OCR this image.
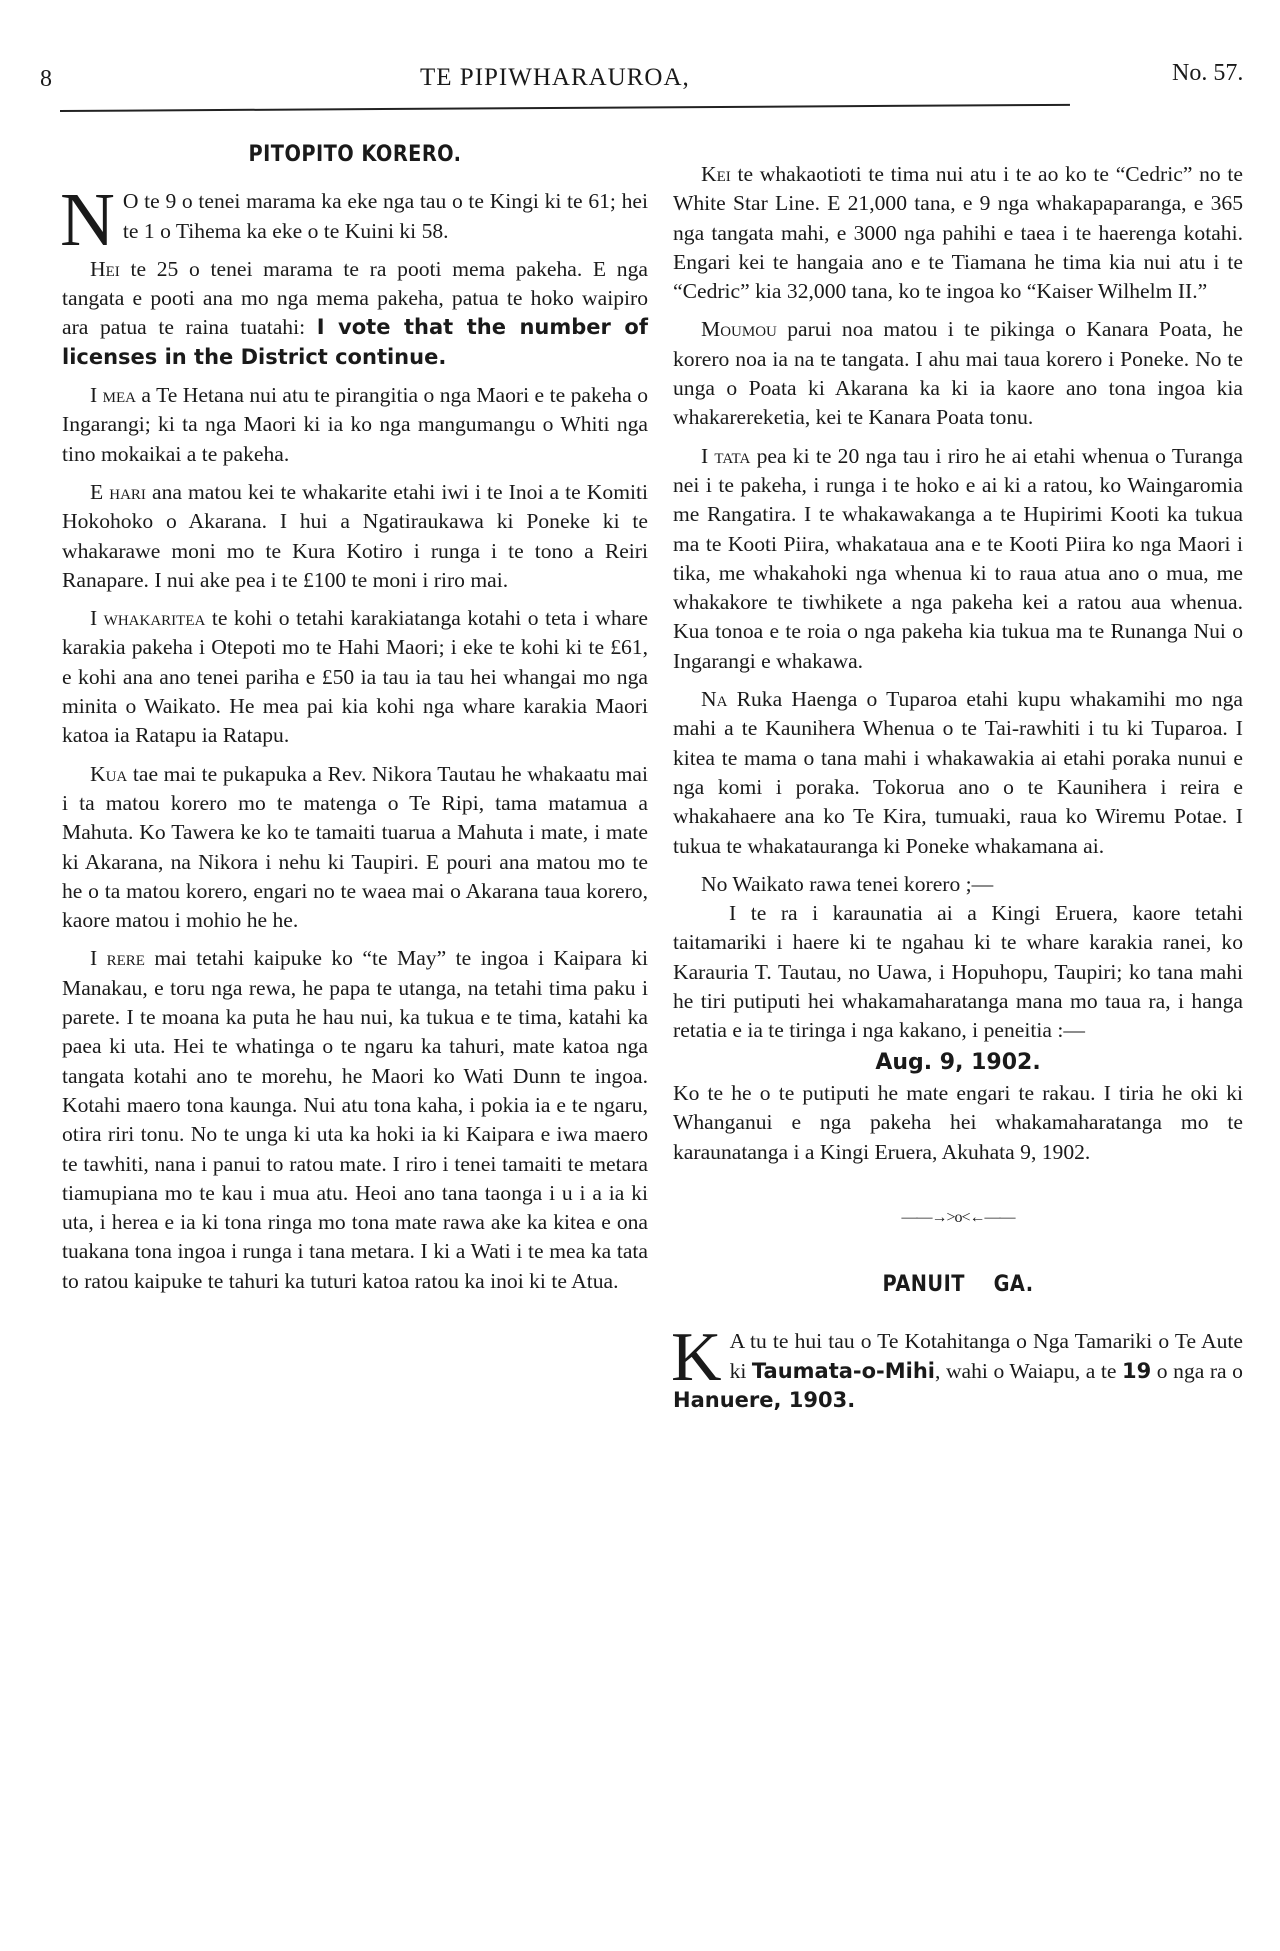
8	TE PIPIWHARAUROA,	No. 57.
PITOPITO KORERO.

N O te 9 o tenei marama ka eke nga tau o te Kingi ki te 61; hei te 1 o Tihema ka eke o te Kuini ki 58.

Hei te 25 o tenei marama te ra pooti mema pakeha. E nga tangata e pooti ana mo nga mema pakeha, patua te hoko waipiro ara patua te raina tuatahi: I vote that the number of licenses in the District continue.

I mea a Te Hetana nui atu te pirangitia o nga Maori e te pakeha o Ingarangi; ki ta nga Maori ki ia ko nga mangumangu o Whiti nga tino mokaikai a te pakeha.

E hari ana matou kei te whakarite etahi iwi i te Inoi a te Komiti Hokohoko o Akarana. I hui a Ngatiraukawa ki Poneke ki te whakarawe moni mo te Kura Kotiro i runga i te tono a Reiri Ranapare. I nui ake pea i te £100 te moni i riro mai.

I whakaritea te kohi o tetahi karakiatanga kotahi o teta i whare karakia pakeha i Otepoti mo te Hahi Maori; i eke te kohi ki te £61, e kohi ana ano tenei pariha e £50 ia tau ia tau hei whangai mo nga minita o Waikato. He mea pai kia kohi nga whare karakia Maori katoa ia Ratapu ia Ratapu.

Kua tae mai te pukapuka a Rev. Nikora Tautau he whakaatu mai i ta matou korero mo te matenga o Te Ripi, tama matamua a Mahuta. Ko Tawera ke ko te tamaiti tuarua a Mahuta i mate, i mate ki Akarana, na Nikora i nehu ki Taupiri. E pouri ana matou mo te he o ta matou korero, engari no te waea mai o Akarana taua korero, kaore matou i mohio he he.

I rere mai tetahi kaipuke ko “te May” te ingoa i Kaipara ki Manakau, e toru nga rewa, he papa te utanga, na tetahi tima paku i parete. I te moana ka puta he hau nui, ka tukua e te tima, katahi ka paea ki uta. Hei te whatinga o te ngaru ka tahuri, mate katoa nga tangata kotahi ano te morehu, he Maori ko Wati Dunn te ingoa. Kotahi maero tona kaunga. Nui atu tona kaha, i pokia ia e te ngaru, otira riri tonu. No te unga ki uta ka hoki ia ki Kaipara e iwa maero te tawhiti, nana i panui to ratou mate. I riro i tenei tamaiti te metara tiamupiana mo te kau i mua atu. Heoi ano tana taonga i u i a ia ki uta, i herea e ia ki tona ringa mo tona mate rawa ake ka kitea e ona tuakana tona ingoa i runga i tana metara. I ki a Wati i te mea ka tata to ratou kaipuke te tahuri ka tuturi katoa ratou ka inoi ki te Atua.

Kei te whakaotioti te tima nui atu i te ao ko te “Cedric” no te White Star Line. E 21,000 tana, e 9 nga whakapaparanga, e 365 nga tangata mahi, e 3000 nga pahihi e taea i te haerenga kotahi. Engari kei te hangaia ano e te Tiamana he tima kia nui atu i te “Cedric” kia 32,000 tana, ko te ingoa ko “Kaiser Wilhelm II.”

Moumou parui noa matou i te pikinga o Kanara Poata, he korero noa ia na te tangata. I ahu mai taua korero i Poneke. No te unga o Poata ki Akarana ka ki ia kaore ano tona ingoa kia whakarereketia, kei te Kanara Poata tonu.

I tata pea ki te 20 nga tau i riro he ai etahi whenua o Turanga nei i te pakeha, i runga i te hoko e ai ki a ratou, ko Waingaromia me Rangatira. I te whakawakanga a te Hupirimi Kooti ka tukua ma te Kooti Piira, whakataua ana e te Kooti Piira ko nga Maori i tika, me whakahoki nga whenua ki to raua atua ano o mua, me whakakore te tiwhikete a nga pakeha kei a ratou aua whenua. Kua tonoa e te roia o nga pakeha kia tukua ma te Runanga Nui o Ingarangi e whakawa.

Na Ruka Haenga o Tuparoa etahi kupu whakamihi mo nga mahi a te Kaunihera Whenua o te Tai-rawhiti i tu ki Tuparoa. I kitea te mama o tana mahi i whakawakia ai etahi poraka nunui e nga komi i poraka. Tokorua ano o te Kaunihera i reira e whakahaere ana ko Te Kira, tumuaki, raua ko Wiremu Potae. I tukua te whakatauranga ki Poneke whakamana ai.

No Waikato rawa tenei korero ;—

I te ra i karaunatia ai a Kingi Eruera, kaore tetahi taitamariki i haere ki te ngahau ki te whare karakia ranei, ko Karauria T. Tautau, no Uawa, i Hopuhopu, Taupiri; ko tana mahi he tiri putiputi hei whakamaharatanga mana mo taua ra, i hanga retatia e ia te tiringa i nga kakano, i peneitia :—

Aug. 9, 1902.

Ko te he o te putiputi he mate engari te rakau. I tiria he oki ki Whanganui e nga pakeha hei whakamaharatanga mo te karaunatanga i a Kingi Eruera, Akuhata 9, 1902.

——→>o<←——
PANUIT    GA.

K A tu te hui tau o Te Kotahitanga o Nga Tamariki o Te Aute ki Taumata-o-Mihi, wahi o Waiapu, a te 19 o nga ra o Hanuere, 1903.
